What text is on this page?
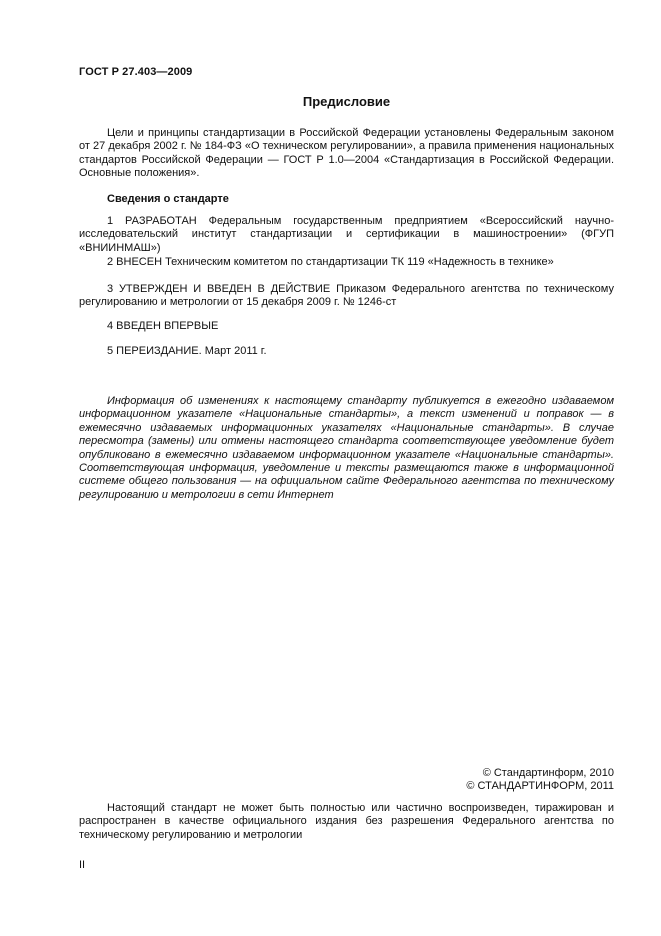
ГОСТ Р 27.403—2009
Предисловие

Цели и принципы стандартизации в Российской Федерации установлены Федеральным законом от 27 декабря 2002 г. № 184-ФЗ «О техническом регулировании», а правила применения национальных стандартов Российской Федерации — ГОСТ Р 1.0—2004 «Стандартизация в Российской Федерации. Основные положения».

Сведения о стандарте

1 РАЗРАБОТАН Федеральным государственным предприятием «Всероссийский научно-исследовательский институт стандартизации и сертификации в машиностроении» (ФГУП «ВНИИНМАШ»)

2 ВНЕСЕН Техническим комитетом по стандартизации ТК 119 «Надежность в технике»

3 УТВЕРЖДЕН И ВВЕДЕН В ДЕЙСТВИЕ Приказом Федерального агентства по техническому регулированию и метрологии от 15 декабря 2009 г. № 1246-ст

4 ВВЕДЕН ВПЕРВЫЕ

5 ПЕРЕИЗДАНИЕ. Март 2011 г.

Информация об изменениях к настоящему стандарту публикуется в ежегодно издаваемом информационном указателе «Национальные стандарты», а текст изменений и поправок — в ежемесячно издаваемых информационных указателях «Национальные стандарты». В случае пересмотра (замены) или отмены настоящего стандарта соответствующее уведомление будет опубликовано в ежемесячно издаваемом информационном указателе «Национальные стандарты». Соответствующая информация, уведомление и тексты размещаются также в информационной системе общего пользования — на официальном сайте Федерального агентства по техническому регулированию и метрологии в сети Интернет

© Стандартинформ, 2010

© СТАНДАРТИНФОРМ, 2011

Настоящий стандарт не может быть полностью или частично воспроизведен, тиражирован и распространен в качестве официального издания без разрешения Федерального агентства по техническому регулированию и метрологии

II
